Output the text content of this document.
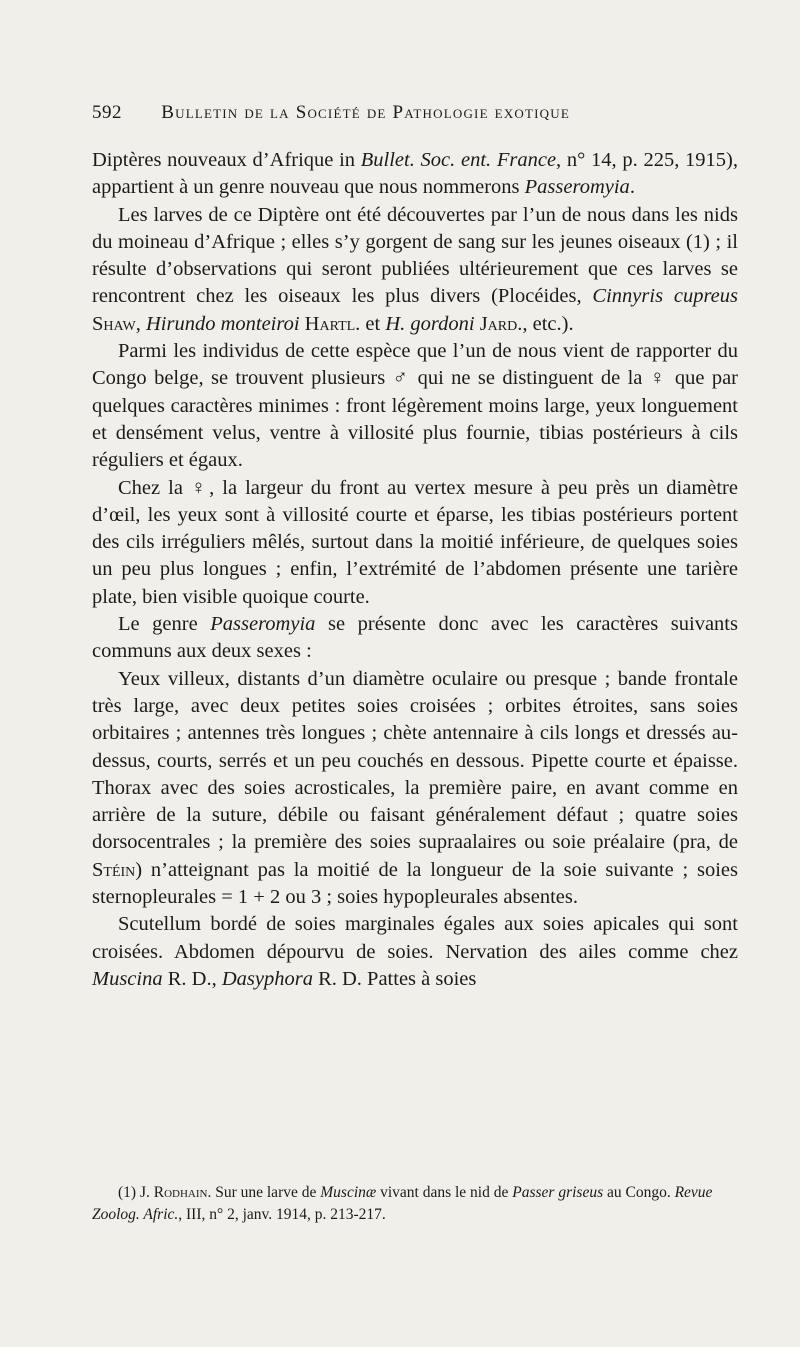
592 Bulletin de la Société de Pathologie exotique

Diptères nouveaux d’Afrique in Bullet. Soc. ent. France, n° 14, p. 225, 1915), appartient à un genre nouveau que nous nommerons Passeromyia.

Les larves de ce Diptère ont été découvertes par l’un de nous dans les nids du moineau d’Afrique ; elles s’y gorgent de sang sur les jeunes oiseaux (1) ; il résulte d’observations qui seront publiées ultérieurement que ces larves se rencontrent chez les oiseaux les plus divers (Plocéides, Cinnyris cupreus Shaw, Hirundo monteiroi Hartl. et H. gordoni Jard., etc.).

Parmi les individus de cette espèce que l’un de nous vient de rapporter du Congo belge, se trouvent plusieurs ♂ qui ne se distinguent de la ♀ que par quelques caractères minimes : front légèrement moins large, yeux longuement et densément velus, ventre à villosité plus fournie, tibias postérieurs à cils réguliers et égaux.

Chez la ♀, la largeur du front au vertex mesure à peu près un diamètre d’œil, les yeux sont à villosité courte et éparse, les tibias postérieurs portent des cils irréguliers mêlés, surtout dans la moitié inférieure, de quelques soies un peu plus longues ; enfin, l’extrémité de l’abdomen présente une tarière plate, bien visible quoique courte.

Le genre Passeromyia se présente donc avec les caractères suivants communs aux deux sexes :

Yeux villeux, distants d’un diamètre oculaire ou presque ; bande frontale très large, avec deux petites soies croisées ; orbites étroites, sans soies orbitaires ; antennes très longues ; chète antennaire à cils longs et dressés au-dessus, courts, serrés et un peu couchés en dessous. Pipette courte et épaisse. Thorax avec des soies acrosticales, la première paire, en avant comme en arrière de la suture, débile ou faisant généralement défaut ; quatre soies dorsocentrales ; la première des soies supraalaires ou soie préalaire (pra, de Stéin) n’atteignant pas la moitié de la longueur de la soie suivante ; soies sternopleurales = 1 + 2 ou 3 ; soies hypopleurales absentes.

Scutellum bordé de soies marginales égales aux soies apicales qui sont croisées. Abdomen dépourvu de soies. Nervation des ailes comme chez Muscina R. D., Dasyphora R. D. Pattes à soies

(1) J. Rodhain. Sur une larve de Muscinæ vivant dans le nid de Passer griseus au Congo. Revue Zoolog. Afric., III, n° 2, janv. 1914, p. 213-217.
